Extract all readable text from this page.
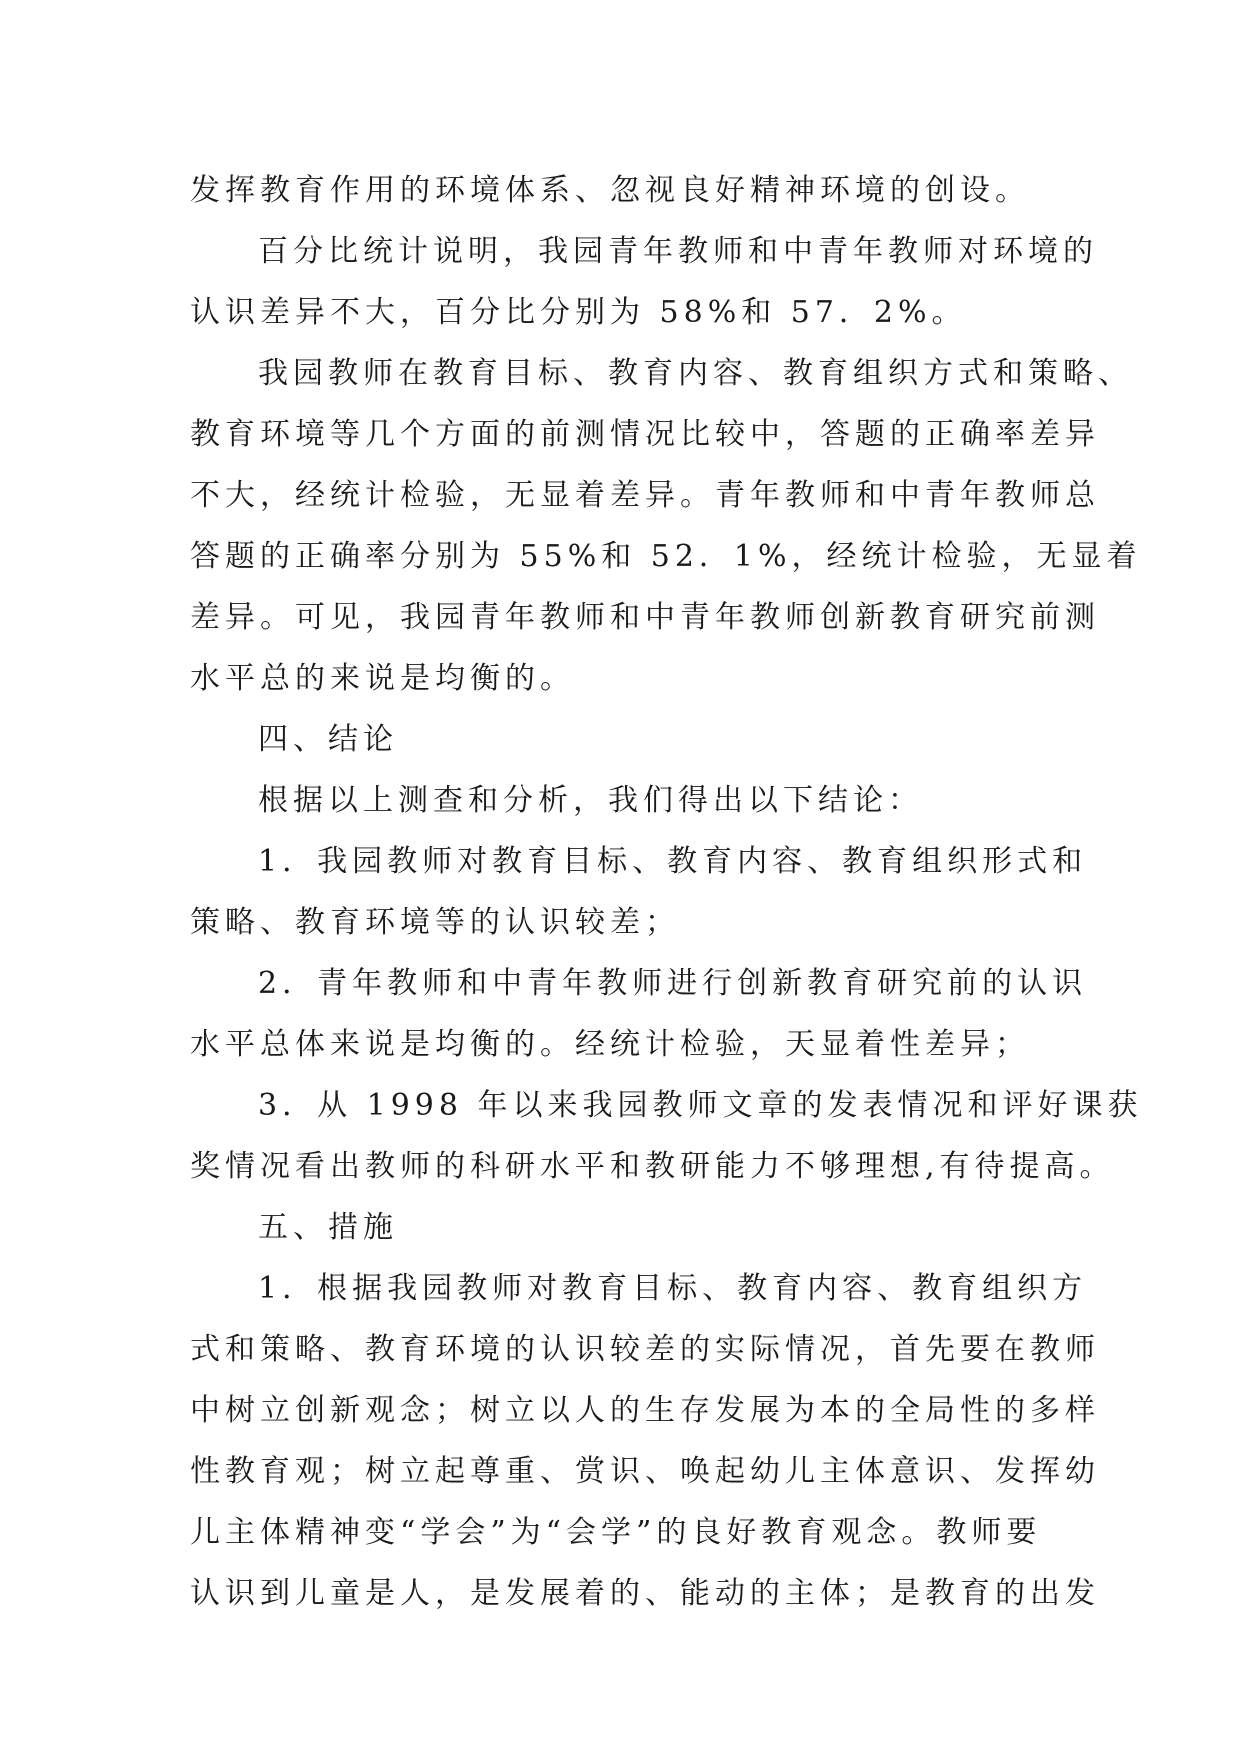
发挥教育作用的环境体系、忽视良好精神环境的创设。
百分比统计说明，我园青年教师和中青年教师对环境的
认识差异不大，百分比分别为 58%和 57．2%。
我园教师在教育目标、教育内容、教育组织方式和策略、
教育环境等几个方面的前测情况比较中，答题的正确率差异
不大，经统计检验，无显着差异。青年教师和中青年教师总
答题的正确率分别为 55%和 52．1%，经统计检验，无显着
差异。可见，我园青年教师和中青年教师创新教育研究前测
水平总的来说是均衡的。
四、结论
根据以上测查和分析，我们得出以下结论：
1．我园教师对教育目标、教育内容、教育组织形式和
策略、教育环境等的认识较差；
2．青年教师和中青年教师进行创新教育研究前的认识
水平总体来说是均衡的。经统计检验，天显着性差异；
3．从 1998 年以来我园教师文章的发表情况和评好课获
奖情况看出教师的科研水平和教研能力不够理想,有待提高。
五、措施
1．根据我园教师对教育目标、教育内容、教育组织方
式和策略、教育环境的认识较差的实际情况，首先要在教师
中树立创新观念；树立以人的生存发展为本的全局性的多样
性教育观；树立起尊重、赏识、唤起幼儿主体意识、发挥幼
儿主体精神变“学会”为“会学”的良好教育观念。教师要
认识到儿童是人，是发展着的、能动的主体；是教育的出发
